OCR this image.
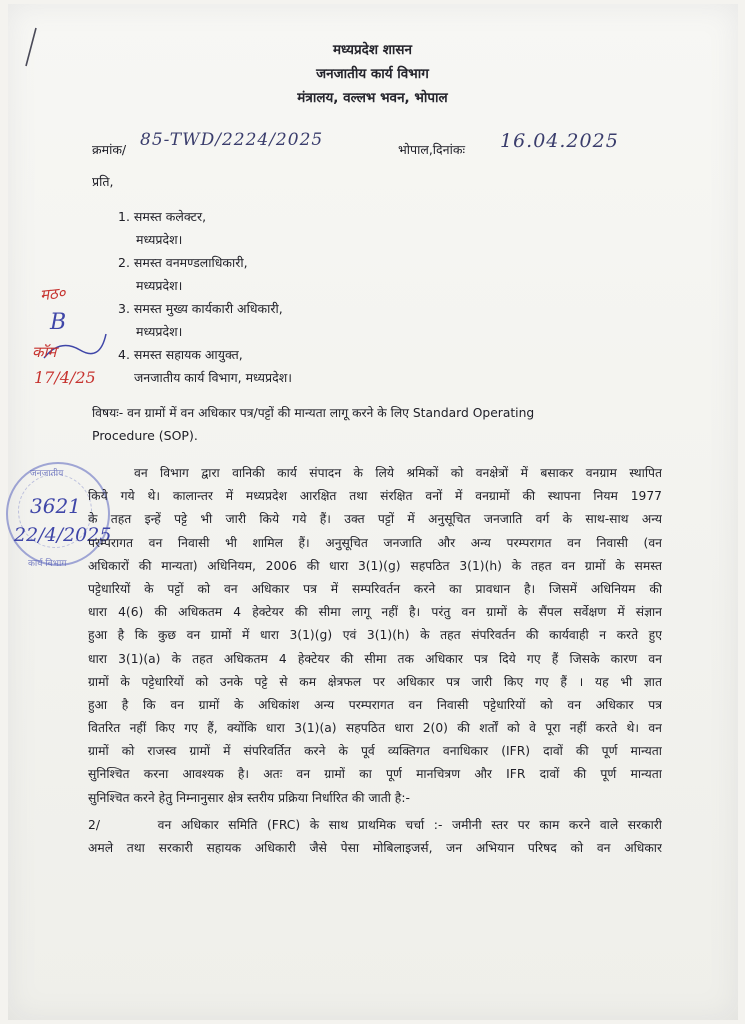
मध्यप्रदेश शासन

जनजातीय कार्य विभाग

मंत्रालय, वल्लभ भवन, भोपाल

क्रमांक/ 85-TWD/2224/2025	भोपाल,दिनांकः 16.04.2025

प्रति,

1. समस्त कलेक्टर,

मध्यप्रदेश।

2. समस्त वनमण्डलाधिकारी,

मध्यप्रदेश।

3. समस्त मुख्य कार्यकारी अधिकारी,

मध्यप्रदेश।

4. समस्त सहायक आयुक्त,

जनजातीय कार्य विभाग, मध्यप्रदेश।

मठ०

B

कॉम

17/4/25

विषयः- वन ग्रामों में वन अधिकार पत्र/पट्टों की मान्यता लागू करने के लिए Standard Operating

Procedure (SOP).

जनजातीय

कार्य विभाग

3621

22/4/2025

वन विभाग द्वारा वानिकी कार्य संपादन के लिये श्रमिकों को वनक्षेत्रों में बसाकर वनग्राम स्थापित
किये गये थे। कालान्तर में मध्यप्रदेश आरक्षित तथा संरक्षित वनों में वनग्रामों की स्थापना नियम 1977
के तहत इन्हें पट्टे भी जारी किये गये हैं। उक्त पट्टों में अनुसूचित जनजाति वर्ग के साथ-साथ अन्य
परम्परागत वन निवासी भी शामिल हैं। अनुसूचित जनजाति और अन्य परम्परागत वन निवासी (वन
अधिकारों की मान्यता) अधिनियम, 2006 की धारा 3(1)(g) सहपठित 3(1)(h) के तहत वन ग्रामों के समस्त
पट्टेधारियों के पट्टों को वन अधिकार पत्र में सम्परिवर्तन करने का प्रावधान है। जिसमें अधिनियम की
धारा 4(6) की अधिकतम 4 हेक्टेयर की सीमा लागू नहीं है। परंतु वन ग्रामों के सैंपल सर्वेक्षण में संज्ञान
हुआ है कि कुछ वन ग्रामों में धारा 3(1)(g) एवं 3(1)(h) के तहत संपरिवर्तन की कार्यवाही न करते हुए
धारा 3(1)(a) के तहत अधिकतम 4 हेक्टेयर की सीमा तक अधिकार पत्र दिये गए हैं जिसके कारण वन
ग्रामों के पट्टेधारियों को उनके पट्टे से कम क्षेत्रफल पर अधिकार पत्र जारी किए गए हैं । यह भी ज्ञात
हुआ है कि वन ग्रामों के अधिकांश अन्य परम्परागत वन निवासी पट्टेधारियों को वन अधिकार पत्र
वितरित नहीं किए गए हैं, क्योंकि धारा 3(1)(a) सहपठित धारा 2(0) की शर्तों को वे पूरा नहीं करते थे। वन
ग्रामों को राजस्व ग्रामों में संपरिवर्तित करने के पूर्व व्यक्तिगत वनाधिकार (IFR) दावों की पूर्ण मान्यता
सुनिश्चित करना आवश्यक है। अतः वन ग्रामों का पूर्ण मानचित्रण और IFR दावों की पूर्ण मान्यता
सुनिश्चित करने हेतु निम्नानुसार क्षेत्र स्तरीय प्रक्रिया निर्धारित की जाती है:-
2/      वन अधिकार समिति (FRC) के साथ प्राथमिक चर्चा :- जमीनी स्तर पर काम करने वाले सरकारी
अमले तथा सरकारी सहायक अधिकारी जैसे पेसा मोबिलाइजर्स, जन अभियान परिषद को वन अधिकार
